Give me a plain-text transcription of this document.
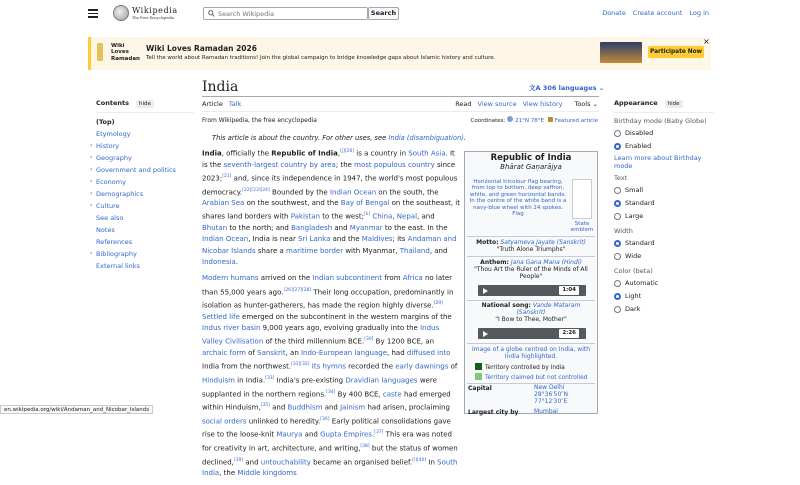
Wikipedia
The Free Encyclopedia
Search Wikipedia
Search	Donate Create account Log in
Wiki Loves Ramadan
Wiki Loves Ramadan 2026
Tell the world about Ramadan traditions! Join the global campaign to bridge knowledge gaps about Islamic history and culture.
Participate Now
×
India	文A 306 languages ⌄
Article Talk	Read View source View history Tools ⌄
From Wikipedia, the free encyclopedia	Coordinates: 21°N 78°E Featured article
This article is about the country. For other uses, see India (disambiguation).
Contents hide
(Top)
Etymology
› History
› Geography
› Government and politics
› Economy
› Demographics
› Culture
See also
Notes
References
› Bibliography
External links

India, officially the Republic of India,[j][20] is a country in South Asia. It is the seventh-largest country by area; the most populous country since 2023;[21] and, since its independence in 1947, the world's most populous democracy.[22][23][24] Bounded by the Indian Ocean on the south, the Arabian Sea on the southwest, and the Bay of Bengal on the southeast, it shares land borders with Pakistan to the west;[k] China, Nepal, and Bhutan to the north; and Bangladesh and Myanmar to the east. In the Indian Ocean, India is near Sri Lanka and the Maldives; its Andaman and Nicobar Islands share a maritime border with Myanmar, Thailand, and Indonesia.

Modern humans arrived on the Indian subcontinent from Africa no later than 55,000 years ago.[26][27][28] Their long occupation, predominantly in isolation as hunter-gatherers, has made the region highly diverse.[29] Settled life emerged on the subcontinent in the western margins of the Indus river basin 9,000 years ago, evolving gradually into the Indus Valley Civilisation of the third millennium BCE.[30] By 1200 BCE, an archaic form of Sanskrit, an Indo-European language, had diffused into India from the northwest.[31][32] Its hymns recorded the early dawnings of Hinduism in India.[33] India's pre-existing Dravidian languages were supplanted in the northern regions.[34] By 400 BCE, caste had emerged within Hinduism,[35] and Buddhism and Jainism had arisen, proclaiming social orders unlinked to heredity.[36] Early political consolidations gave rise to the loose-knit Maurya and Gupta Empires.[37] This era was noted for creativity in art, architecture, and writing,[38] but the status of women declined,[39] and untouchability became an organised belief.[l][40] In South India, the Middle kingdoms

Republic of India
Bhārat Gaṇarājya
Horizontal tricolour flag bearing, from top to bottom, deep saffron, white, and green horizontal bands. In the centre of the white band is a navy-blue wheel with 24 spokes.
Flag
State emblem
Motto: Satyameva Jayate (Sanskrit)
"Truth Alone Triumphs"
Anthem: Jana Gana Mana (Hindi)
"Thou Art the Ruler of the Minds of All People"
1:04
National song: Vande Mataram (Sanskrit)
"I Bow to Thee, Mother"
2:26
Image of a globe centred on India, with India highlighted.
Territory controlled by India
Territory claimed but not controlled
Capital	New Delhi
28°36′50″N
77°12′30″E
Largest city by	Mumbai
Appearance hide
Birthday mode (Baby Globe)
Disabled
Enabled
Learn more about Birthday mode
Text
Small
Standard
Large
Width
Standard
Wide
Color (beta)
Automatic
Light
Dark
en.wikipedia.org/wiki/Andaman_and_Nicobar_Islands
